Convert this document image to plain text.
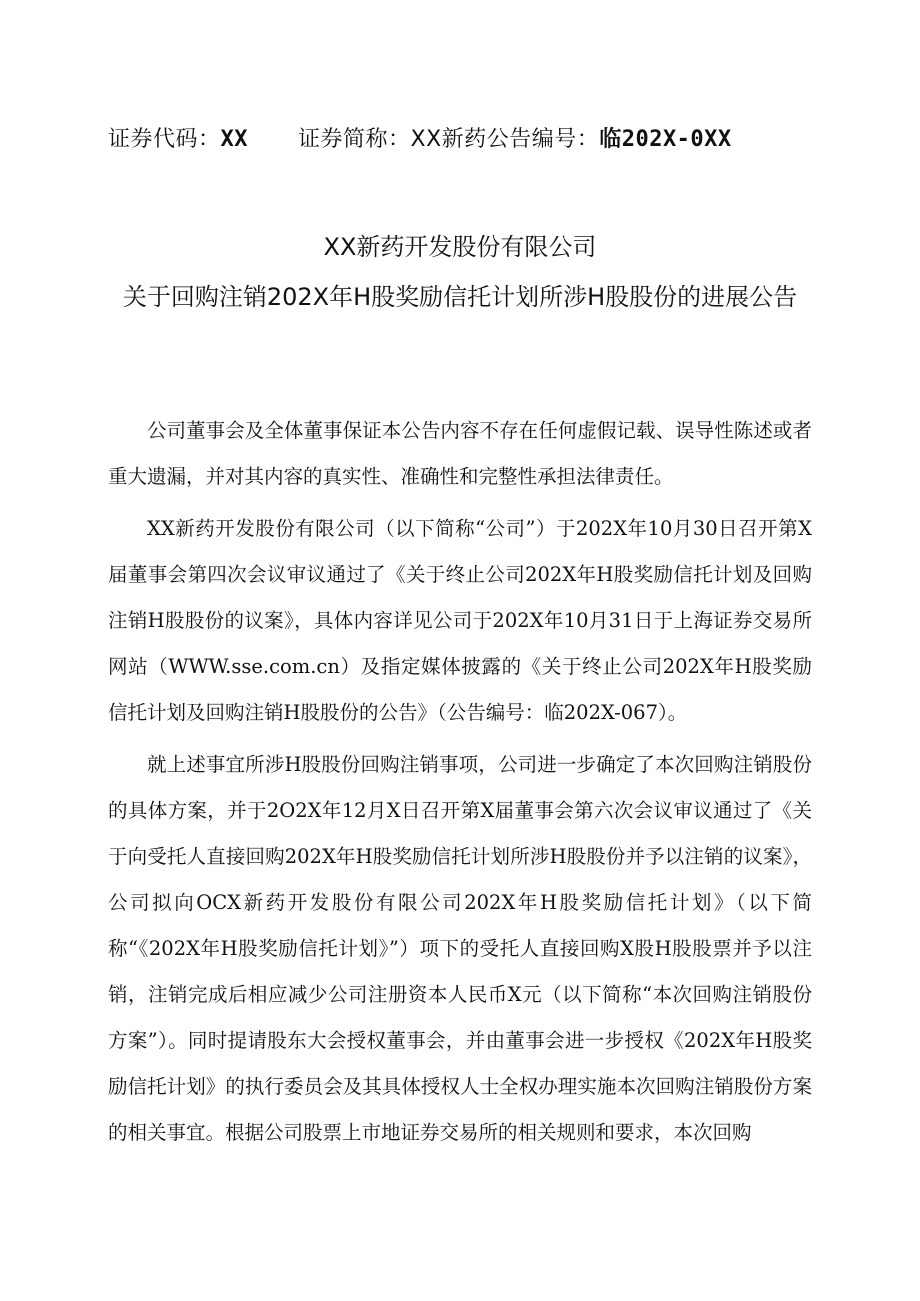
证券代码：XX 证券简称：XX新药公告编号：临202X-0XX
XX新药开发股份有限公司
关于回购注销202X年H股奖励信托计划所涉H股股份的进展公告

公司董事会及全体董事保证本公告内容不存在任何虚假记载、误导性陈述或者重大遗漏，并对其内容的真实性、准确性和完整性承担法律责任。

XX新药开发股份有限公司（以下简称“公司”）于202X年10月30日召开第X届董事会第四次会议审议通过了《关于终止公司202X年H股奖励信托计划及回购注销H股股份的议案》，具体内容详见公司于202X年10月31日于上海证券交易所网站（WWW.sse.com.cn）及指定媒体披露的《关于终止公司202X年H股奖励信托计划及回购注销H股股份的公告》（公告编号：临202X-067）。

就上述事宜所涉H股股份回购注销事项，公司进一步确定了本次回购注销股份的具体方案，并于2O2X年12月X日召开第X届董事会第六次会议审议通过了《关于向受托人直接回购202X年H股奖励信托计划所涉H股股份并予以注销的议案》，公司拟向OCX新药开发股份有限公司202X年H股奖励信托计划》（以下简称“《202X年H股奖励信托计划》”）项下的受托人直接回购X股H股股票并予以注销，注销完成后相应减少公司注册资本人民币X元（以下简称“本次回购注销股份方案”）。同时提请股东大会授权董事会，并由董事会进一步授权《202X年H股奖励信托计划》的执行委员会及其具体授权人士全权办理实施本次回购注销股份方案的相关事宜。根据公司股票上市地证券交易所的相关规则和要求，本次回购
